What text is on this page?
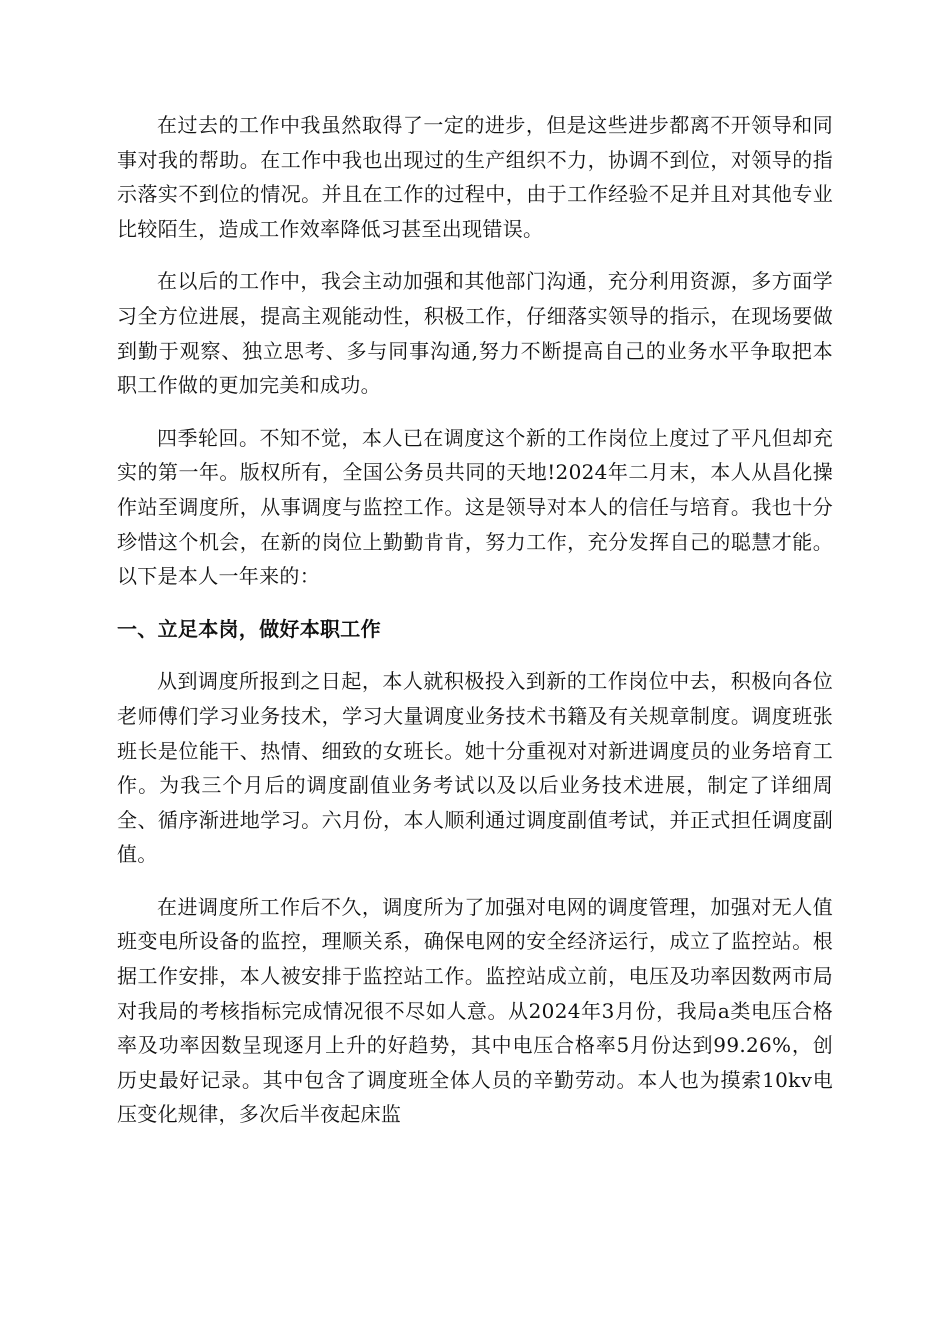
在过去的工作中我虽然取得了一定的进步，但是这些进步都离不开领导和同事对我的帮助。在工作中我也出现过的生产组织不力，协调不到位，对领导的指示落实不到位的情况。并且在工作的过程中，由于工作经验不足并且对其他专业比较陌生，造成工作效率降低习甚至出现错误。

在以后的工作中，我会主动加强和其他部门沟通，充分利用资源，多方面学习全方位进展，提高主观能动性，积极工作，仔细落实领导的指示，在现场要做到勤于观察、独立思考、多与同事沟通,努力不断提高自己的业务水平争取把本职工作做的更加完美和成功。

四季轮回。不知不觉，本人已在调度这个新的工作岗位上度过了平凡但却充实的第一年。版权所有，全国公务员共同的天地!2024年二月末，本人从昌化操作站至调度所，从事调度与监控工作。这是领导对本人的信任与培育。我也十分珍惜这个机会，在新的岗位上勤勤肯肯，努力工作，充分发挥自己的聪慧才能。以下是本人一年来的：

一、立足本岗，做好本职工作

从到调度所报到之日起，本人就积极投入到新的工作岗位中去，积极向各位老师傅们学习业务技术，学习大量调度业务技术书籍及有关规章制度。调度班张班长是位能干、热情、细致的女班长。她十分重视对对新进调度员的业务培育工作。为我三个月后的调度副值业务考试以及以后业务技术进展，制定了详细周全、循序渐进地学习。六月份，本人顺利通过调度副值考试，并正式担任调度副值。

在进调度所工作后不久，调度所为了加强对电网的调度管理，加强对无人值班变电所设备的监控，理顺关系，确保电网的安全经济运行，成立了监控站。根据工作安排，本人被安排于监控站工作。监控站成立前，电压及功率因数两市局对我局的考核指标完成情况很不尽如人意。从2024年3月份，我局a类电压合格率及功率因数呈现逐月上升的好趋势，其中电压合格率5月份达到99.26%，创历史最好记录。其中包含了调度班全体人员的辛勤劳动。本人也为摸索10kv电压变化规律，多次后半夜起床监
